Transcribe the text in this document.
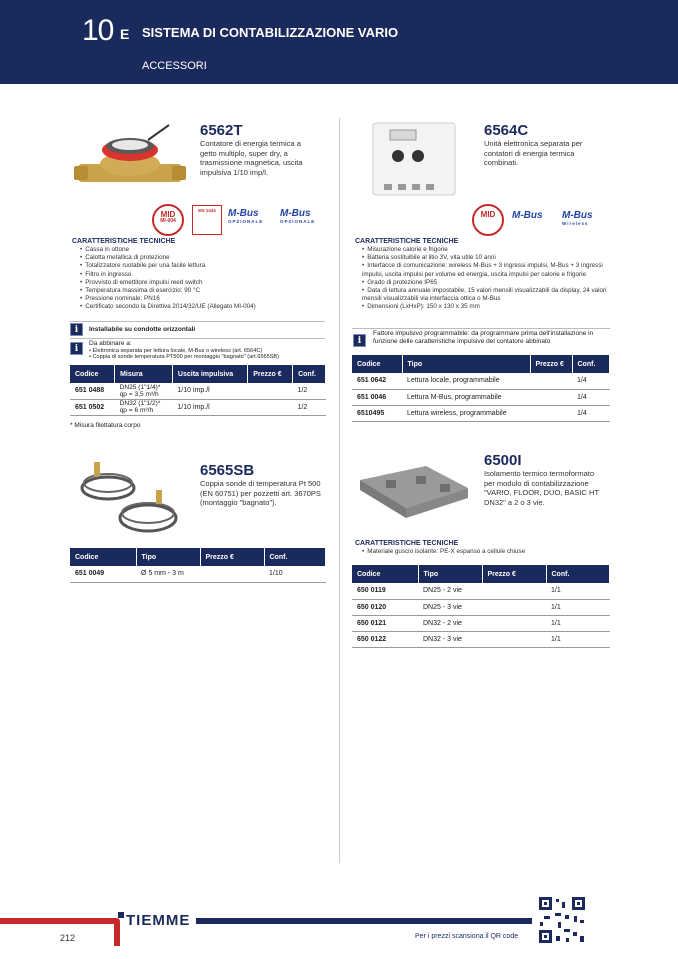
10 E SISTEMA DI CONTABILIZZAZIONE VARIO
ACCESSORI
6562T
Contatore di energia termica a getto multiplo, super dry, a trasmissione magnetica, uscita impulsiva 1/10 imp/l.
MID
MI-004
EN 1434	M-Bus
OPZIONALE
M-Bus
OPZIONALE
CARATTERISTICHE TECNICHE
• Cassa in ottone
• Calotta metallica di protezione
• Totalizzatore ruotabile per una facile lettura
• Filtro in ingresso
• Provvisto di emettitore impulsi reed switch
• Temperatura massima di esercizio: 90 °C
• Pressione nominale: PN16
• Certificato secondo la Direttiva 2014/32/UE (Allegato MI-004)
i	Installabile su condotte orizzontali
i
Da abbinare a:
• Elettronica separata per lettura locale, M-Bus o wireless (art. 6564C)
• Coppia di sonde temperatura PT500 per montaggio "bagnato" (art.6565SB)
Codice	Misura	Uscita impulsiva	Prezzo €	Conf.
651 0488	DN25 (1"1/4)*
qp = 3,5 m³/h	1/10 imp./l		1/2
651 0502	DN32 (1"1/2)*
qp = 6 m³/h	1/10 imp./l		1/2
* Misura filettatura corpo
6565SB
Coppia sonde di temperatura Pt 500 (EN 60751) per pozzetti art. 3670PS (montaggio "bagnato").
Codice	Tipo	Prezzo €	Conf.
651 0049	Ø 5 mm - 3 m		1/10
6564C
Unità elettronica separata per contatori di energia termica combinati.
MID	M-Bus M-Bus
Wireless
CARATTERISTICHE TECNICHE
• Misurazione calorie e frigorie
• Batteria sostituibile al litio 3V, vita utile 10 anni
• Interfacce di comunicazione: wireless M-Bus + 3 ingressi impulsi, M-Bus + 3 ingressi impulsi, uscita impulsi per volume ed energia, uscita impulsi per calorie e frigorie
• Grado di protezione IP65
• Data di lettura annuale impostabile, 15 valori mensili visualizzabili da display, 24 valori mensili visualizzabili via interfaccia ottica o M-Bus
• Dimensioni (LxHxP): 150 x 130 x 35 mm
i
Fattore impulsivo programmabile: da programmare prima dell'installazione in funzione delle caratteristiche impulsive del contatore abbinato
Codice	Tipo	Prezzo €	Conf.
651 0642	Lettura locale, programmabile		1/4
651 0046	Lettura M-Bus, programmabile		1/4
6510495	Lettura wireless, programmabile		1/4
6500I
Isolamento termico termoformato per modulo di contabilizzazione "VARIO, FLOOR, DUO, BASIC HT DN32" a 2 o 3 vie.
CARATTERISTICHE TECNICHE
• Materiale guscio isolante: PE-X espanso a cellule chiuse
Codice	Tipo	Prezzo €	Conf.
650 0119	DN25 - 2 vie		1/1
650 0120	DN25 - 3 vie		1/1
650 0121	DN32 - 2 vie		1/1
650 0122	DN32 - 3 vie		1/1
TIEMME
212	Per i prezzi scansiona il QR code
